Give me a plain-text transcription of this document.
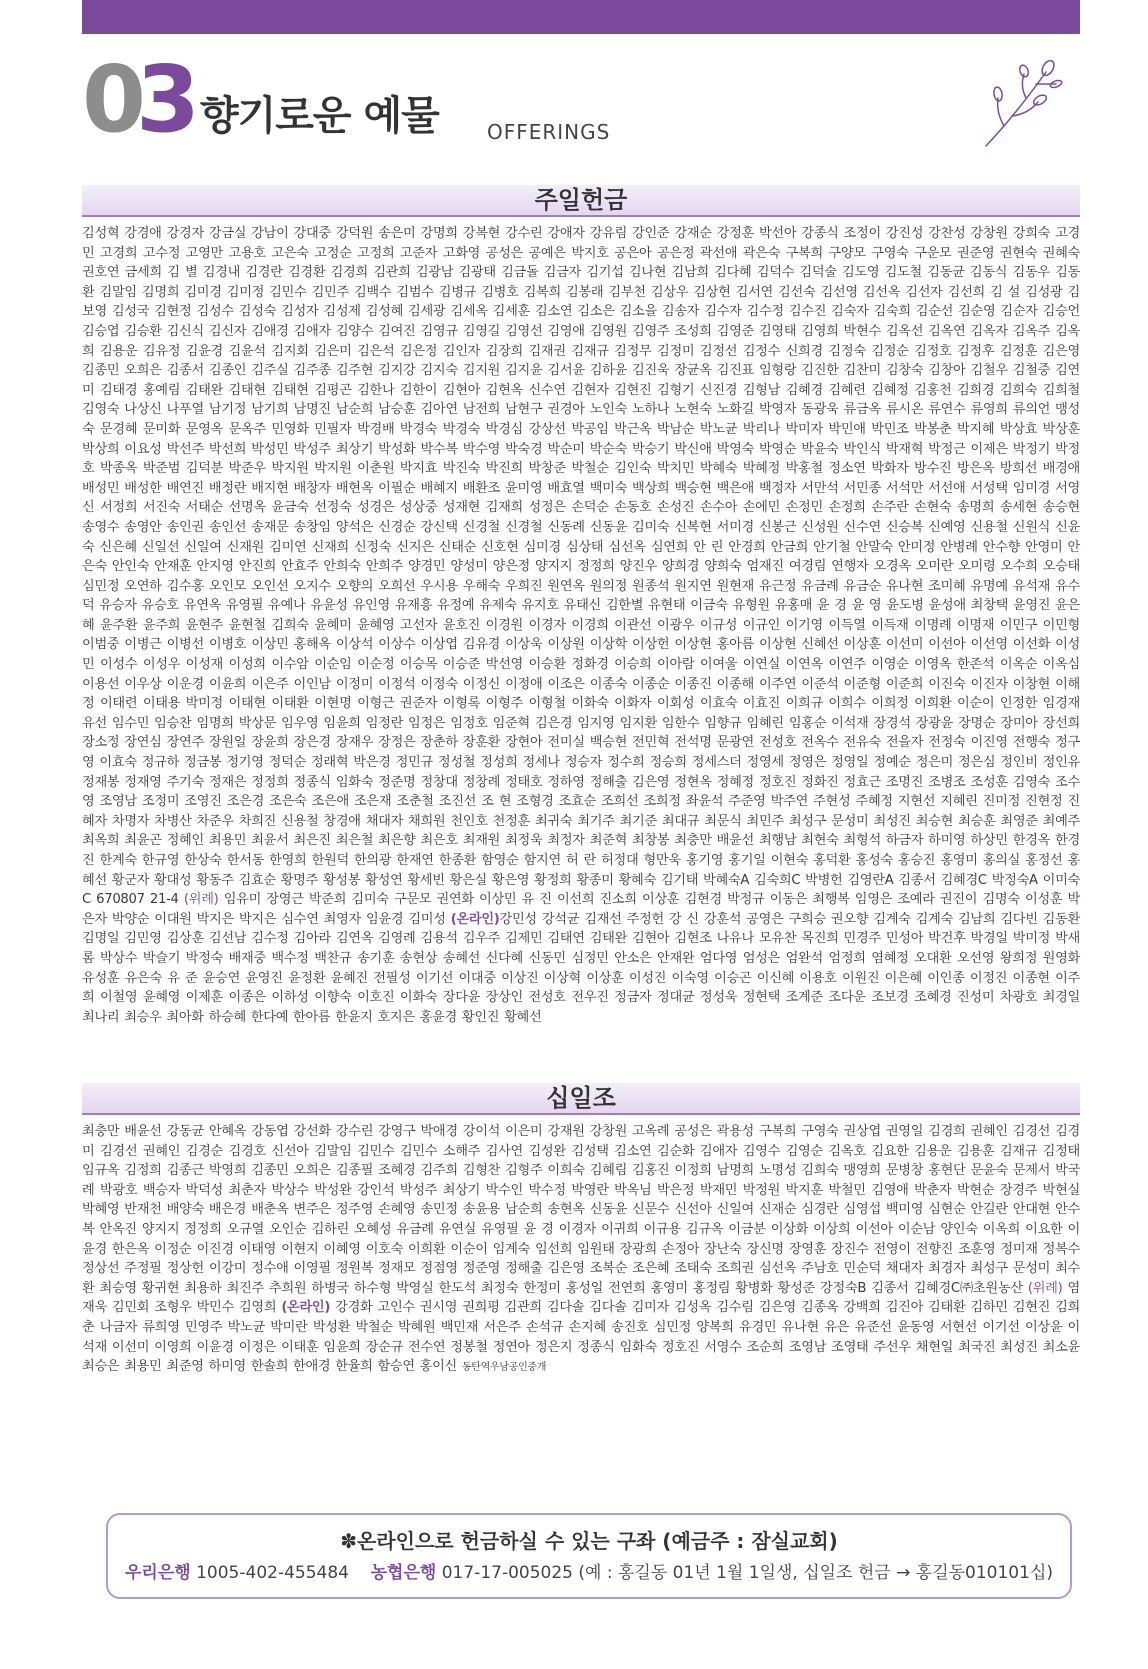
03 향기로운 예물 OFFERINGS
주일헌금
김성혁 강경애 강경자 강금실 강남이 강대중 강덕원 송은미 강명희 강복현 강수린 강애자 강유림 강인준 강재순 강정훈 박선아 강종식 조정이 강진성 강찬성 강창원 강희숙 고경민 고경희 고수정 고영만 고용호 고은숙 고정순 고정희 고준자 고화영 공성은 공예은 박지호 공은아 공은정 곽선애 곽은숙 구복희 구양모 구영숙 구운모 권준영 권현숙 권혜숙 권호연 금세희 김 별 김경내 김경란 김경환 김경희 김관희 김광남 김광태 김금돌 김금자 김기섭 김나현 김남희 김다혜 김덕수 김덕술 김도영 김도철 김동균 김동식 김동우 김동환 김말임 김명희 김미경 김미정 김민수 김민주 김백수 김범수 김병규 김병호 김복희 김봉래 김부천 김상우 김상현 김서연 김선숙 김선영 김선옥 김선자 김선희 김 설 김성광 김보영 김성국 김현정 김성수 김성숙 김성자 김성제 김성혜 김세광 김세옥 김세훈 김소연 김소은 김소을 김송자 김수자 김수정 김수진 김숙자 김숙희 김순선 김순영 김순자 김승언 김승엽 김승환 김신식 김신자 김애경 김애자 김양수 김여진 김영규 김영길 김영선 김영애 김영원 김영주 조성희 김영준 김영태 김영희 박현수 김옥선 김옥연 김옥자 김옥주 김옥희 김용운 김유정 김윤경 김윤석 김지회 김은미 김은석 김은정 김인자 김장희 김재권 김재규 김정무 김정미 김정선 김정수 신희경 김정숙 김정순 김정호 김정후 김정훈 김은영 김종민 오희은 김종서 김종인 김주실 김주종 김주현 김지강 김지숙 김지원 김지윤 김서윤 김하윤 김진욱 장균옥 김진표 임형랑 김진한 김찬미 김창숙 김창아 김철우 김철중 김연미 김태경 홍예림 김태완 김태현 김태현 김평곤 김한나 김한이 김현아 김현옥 신수연 김현자 김현진 김형기 신진경 김형남 김혜경 김혜련 김혜정 김홍천 김희경 김희숙 김희철 김영숙 나상신 나푸열 남기정 남기희 남명진 남순희 남승훈 김아연 남전희 남현구 권경아 노인숙 노하나 노현숙 노화길 박영자 동광욱 류금옥 류시온 류연수 류영희 류의언 맹성숙 문경혜 문미화 문영옥 문옥주 민영화 민필자 박경배 박경숙 박경숙 박경심 강상선 박공임 박근옥 박남순 박노균 박리나 박미자 박민애 박민조 박봉춘 박지혜 박상효 박상훈 박상희 이요성 박선주 박선희 박성민 박성주 최상기 박성화 박수복 박수영 박숙경 박순미 박순숙 박승기 박신애 박영숙 박영순 박윤숙 박인식 박재혁 박정근 이제은 박정기 박정호 박종옥 박준범 김덕분 박준우 박지원 박지원 이춘원 박지효 박진숙 박진희 박창준 박철순 김인숙 박치민 박혜숙 박혜정 박홍철 정소연 박화자 방수진 방은옥 방희선 배경애 배성민 배성한 배연진 배정란 배지현 배창자 배현옥 이필순 배혜지 배환조 윤미영 배효열 백미숙 백상희 백승현 백은애 백정자 서만석 서민종 서석만 서선애 서성택 임미경 서영신 서정희 서진숙 서태순 선명옥 윤금숙 선정숙 성경은 성상중 성재현 김재희 성정은 손덕순 손동호 손성진 손수아 손에민 손정민 손정희 손주란 손현숙 송명희 송세현 송승현 송영수 송영안 송인권 송인선 송재문 송창임 양석은 신경순 강신택 신경철 신경철 신동례 신동윤 김미숙 신복현 서미경 신봉근 신성원 신수연 신승복 신예영 신용철 신원식 신윤숙 신은혜 신일선 신일여 신재원 김미연 신재희 신정숙 신지은 신태순 신호현 심미경 심상태 심선옥 심연희 안 린 안경희 안금희 안기철 안말숙 안미정 안병례 안수향 안영미 안은숙 안인숙 안재훈 안지영 안진희 안효주 안희숙 안희주 양경민 양성미 양은정 양지지 정정희 양진우 양희경 양희숙 엄재진 여경림 연행자 오경옥 오미란 오미령 오수희 오승태 심민정 오연하 김수홍 오인모 오인선 오지수 오향의 오희선 우시용 우해숙 우희진 원연옥 원의정 원종석 원지연 원현재 유근정 유금례 유금순 유나현 조미혜 유명예 유석재 유수덕 유승자 유승호 유연옥 유영필 유예나 유윤성 유인영 유재흥 유정예 유제숙 유지호 유태신 김한별 유현태 이금숙 유형원 유홍매 윤 경 윤 영 윤도병 윤성애 최창택 윤영진 윤은혜 윤주환 윤주희 윤현주 윤현철 김희숙 윤혜미 윤혜영 고선자 윤호진 이경원 이경자 이경희 이관선 이광우 이규성 이규인 이기영 이득열 이득재 이명례 이명재 이민구 이민형 이범중 이병근 이병선 이병호 이상민 홍해옥 이상석 이상수 이상엽 김유경 이상욱 이상원 이상학 이상헌 이상현 홍아름 이상현 신혜선 이상훈 이선미 이선아 이선영 이선화 이성민 이성수 이성우 이성재 이성희 이수암 이순임 이순정 이승목 이승준 박선영 이승환 정화경 이승희 이아람 이여울 이연실 이연옥 이연주 이영순 이영옥 한존석 이옥순 이옥심 이용선 이우상 이운경 이윤희 이은주 이인남 이정미 이정석 이정숙 이정신 이정애 이조은 이종숙 이종순 이종진 이종해 이주연 이준석 이준형 이준희 이진숙 이진자 이창현 이해정 이태련 이태용 박미정 이태현 이태환 이현명 이형근 권준자 이형록 이형주 이형철 이화숙 이화자 이회성 이효숙 이효진 이희규 이희수 이희정 이희환 이순이 인정한 임경재 유선 임수민 임승찬 임명희 박상문 임우영 임윤희 임정란 임정은 임정호 임준혁 김은경 임지영 임지환 임한수 임향규 임혜린 임홍순 이석재 장경석 장광윤 장명순 장미아 장선희 장소정 장연심 장연주 장원일 장윤희 장은경 장재우 장정은 장춘하 장훈환 장현아 전미실 백승현 전민혁 전석명 문광연 전성호 전옥수 전유숙 전을자 전정숙 이진영 전행숙 정구영 이효숙 정규하 정금봉 정기영 정덕순 정래혁 박은경 정민규 정성철 정성희 정세나 정승자 정수희 정승희 정세스더 정영세 정영은 정영일 정예순 정은미 정은심 정인비 정인유 정재봉 정재영 주기숙 정재은 정정희 정종식 임화숙 정준명 정창대 정창례 정태호 정하영 정해출 김은영 정현옥 정혜정 정호진 정화진 정효근 조명진 조병조 조성훈 김영숙 조수영 조영남 조정미 조영진 조은경 조은숙 조은애 조은재 조춘철 조진선 조 현 조형경 조효순 조희선 조희정 좌윤석 주준영 박주연 주현성 주혜정 지현선 지혜린 진미정 진현정 진혜자 차명자 차병산 차준우 차희진 신용철 창경애 채대자 채희원 천인호 천정훈 최귀숙 최기주 최기준 최대규 최문식 최민주 최성구 문성미 최성진 최승현 최승훈 최영준 최예주 최옥희 최윤곤 정혜인 최용민 최윤서 최은진 최은철 최은향 최은호 최재원 최정욱 최정자 최준혁 최창봉 최충만 배윤선 최행남 최현숙 최형석 하금자 하미영 하상민 한경옥 한경진 한계숙 한규영 한상숙 한서동 한영희 한원덕 한의광 한재연 한종환 함영순 함지연 허 란 허정대 형만욱 홍기영 홍기일 이현숙 홍덕환 홍성숙 홍승진 홍영미 홍의실 홍정선 홍혜선 황군자 황대성 황동주 김효순 황명주 황성봉 황성연 황세빈 황은실 황은영 황정희 황종미 황혜숙 김기태 박혜숙A 김숙희C 박병헌 김영란A 김종서 김혜경C 박정숙A 이미숙C 670807 21-4 (위례) 임유미 장영근 박준희 김미숙 구문모 권연화 이상민 유 진 이선희 진소희 이상훈 김현경 박정규 이동은 최행복 임영은 조예라 권진이 김명숙 이성훈 박은자 박양순 이대원 박지은 박지은 심수연 최영자 임윤경 김미성 (온라인)강민성 강석균 김재선 주정헌 강 신 강훈석 공영은 구희승 권오향 김계숙 김계숙 김남희 김다빈 김동환 김명일 김민영 김상훈 김선남 김수정 김아라 김연옥 김영례 김용석 김우주 김제민 김태연 김태완 김현아 김현조 나유나 모유찬 목진희 민경주 민성아 박건후 박경일 박미정 박새롬 박상수 박슬기 박정숙 배재중 백수정 백찬규 송기훈 송현상 송혜선 신다혜 신동민 심정민 안소은 안재완 엄다영 엄성은 엄완석 엄정희 염혜정 오대환 오선영 왕희정 원영화 유성훈 유은숙 유 준 윤승연 윤영진 윤정환 윤혜진 전필성 이기선 이대중 이상진 이상혁 이상훈 이성진 이숙영 이승곤 이신혜 이용호 이원진 이은혜 이인종 이정진 이종현 이주희 이철영 윤혜영 이제훈 이종은 이하성 이향숙 이호진 이화숙 장다윤 장상인 전성호 전우진 정금자 정대균 정성욱 정현택 조계준 조다운 조보경 조혜경 진성미 차광호 최경일 최나리 최승우 최아화 하승혜 한다예 한아름 한윤지 호지은 홍윤경 황인진 황혜선
십일조
최충만 배윤선 강동균 안혜옥 강동엽 강선화 강수린 강영구 박애경 강이석 이은미 강재원 강창원 고옥례 공성은 곽용성 구복희 구영숙 권상엽 권영일 김경희 권혜인 김경선 김경미 김경선 권혜인 김경순 김경호 신선아 김말임 김민수 김민수 소해주 김사연 김성완 김성택 김소연 김순화 김애자 김영수 김영순 김옥호 김요한 김용운 김용훈 김재규 김정태 임규옥 김정희 김종근 박영희 김종민 오희은 김종필 조혜경 김주희 김형찬 김형주 이희숙 김혜림 김홍진 이정희 남명희 노명성 김희숙 맹영희 문병창 홍현단 문윤숙 문제서 박국례 박광호 백승자 박덕성 최춘자 박상수 박성완 강인석 박성주 최상기 박수인 박수정 박영란 박옥님 박은정 박재민 박정원 박지훈 박철민 김영애 박춘자 박현순 장경주 박현실 박혜영 반재천 배양숙 배은경 배춘옥 변주은 정주영 손혜영 송민정 송윤용 남순희 송현옥 신동윤 신문수 신선아 신일여 신재순 심경란 심영섭 백미영 심현순 안길란 안대현 안수복 안옥진 양지지 정정희 오규열 오인순 김하린 오혜성 유금례 유연실 유영필 윤 경 이경자 이귀희 이규용 김규옥 이금분 이상화 이상희 이선아 이순남 양인숙 이옥희 이요한 이윤경 한은옥 이정순 이진경 이태영 이현지 이혜영 이호숙 이희환 이순이 임계숙 임선희 임원태 장광희 손정아 장난숙 장신명 장영훈 장진수 전영이 전향진 조훈영 정미재 정복수 정상선 주정필 정상헌 이강미 정수애 이영필 정원복 정재모 정점영 정준영 정해출 김은영 조복순 조은혜 조태숙 조희권 심선옥 주남호 민순덕 채대자 최경자 최성구 문성미 최수환 최승영 황귀현 최용하 최진주 추희원 하병국 하수형 박영실 한도석 최정숙 한정미 홍성일 전연희 홍영미 홍정림 황병화 황성준 강정숙B 김종서 김혜경C㈜초원농산 (위례) 염재욱 김민회 조형우 박민수 김영희 (온라인) 강경화 고인수 권시영 권희평 김관희 김다솔 김다솔 김미자 김성옥 김수림 김은영 김종옥 강백희 김진아 김태환 김하민 김현진 김희춘 나금자 류희영 민영주 박노균 박미란 박성환 박철순 박혜원 백민재 서은주 손석규 손지혜 송진호 심민정 양복희 유경민 유나현 유은 유준선 윤동영 서현선 이기선 이상윤 이석재 이선미 이영희 이윤경 이정은 이태훈 임윤희 장순규 전수연 정봉철 정연아 정은지 정종식 임화숙 정호진 서영수 조순희 조영남 조영태 주선우 채현일 최국진 최성진 최소윤 최승은 최용민 최준영 하미영 한솔희 한애경 한율희 함승연 홍이신 동탄역우남공인중개
✽온라인으로 헌금하실 수 있는 구좌 (예금주 : 잠실교회)
우리은행 1005-402-455484 농협은행 017-17-005025 (예 : 홍길동 01년 1월 1일생, 십일조 헌금 → 홍길동010101십)
